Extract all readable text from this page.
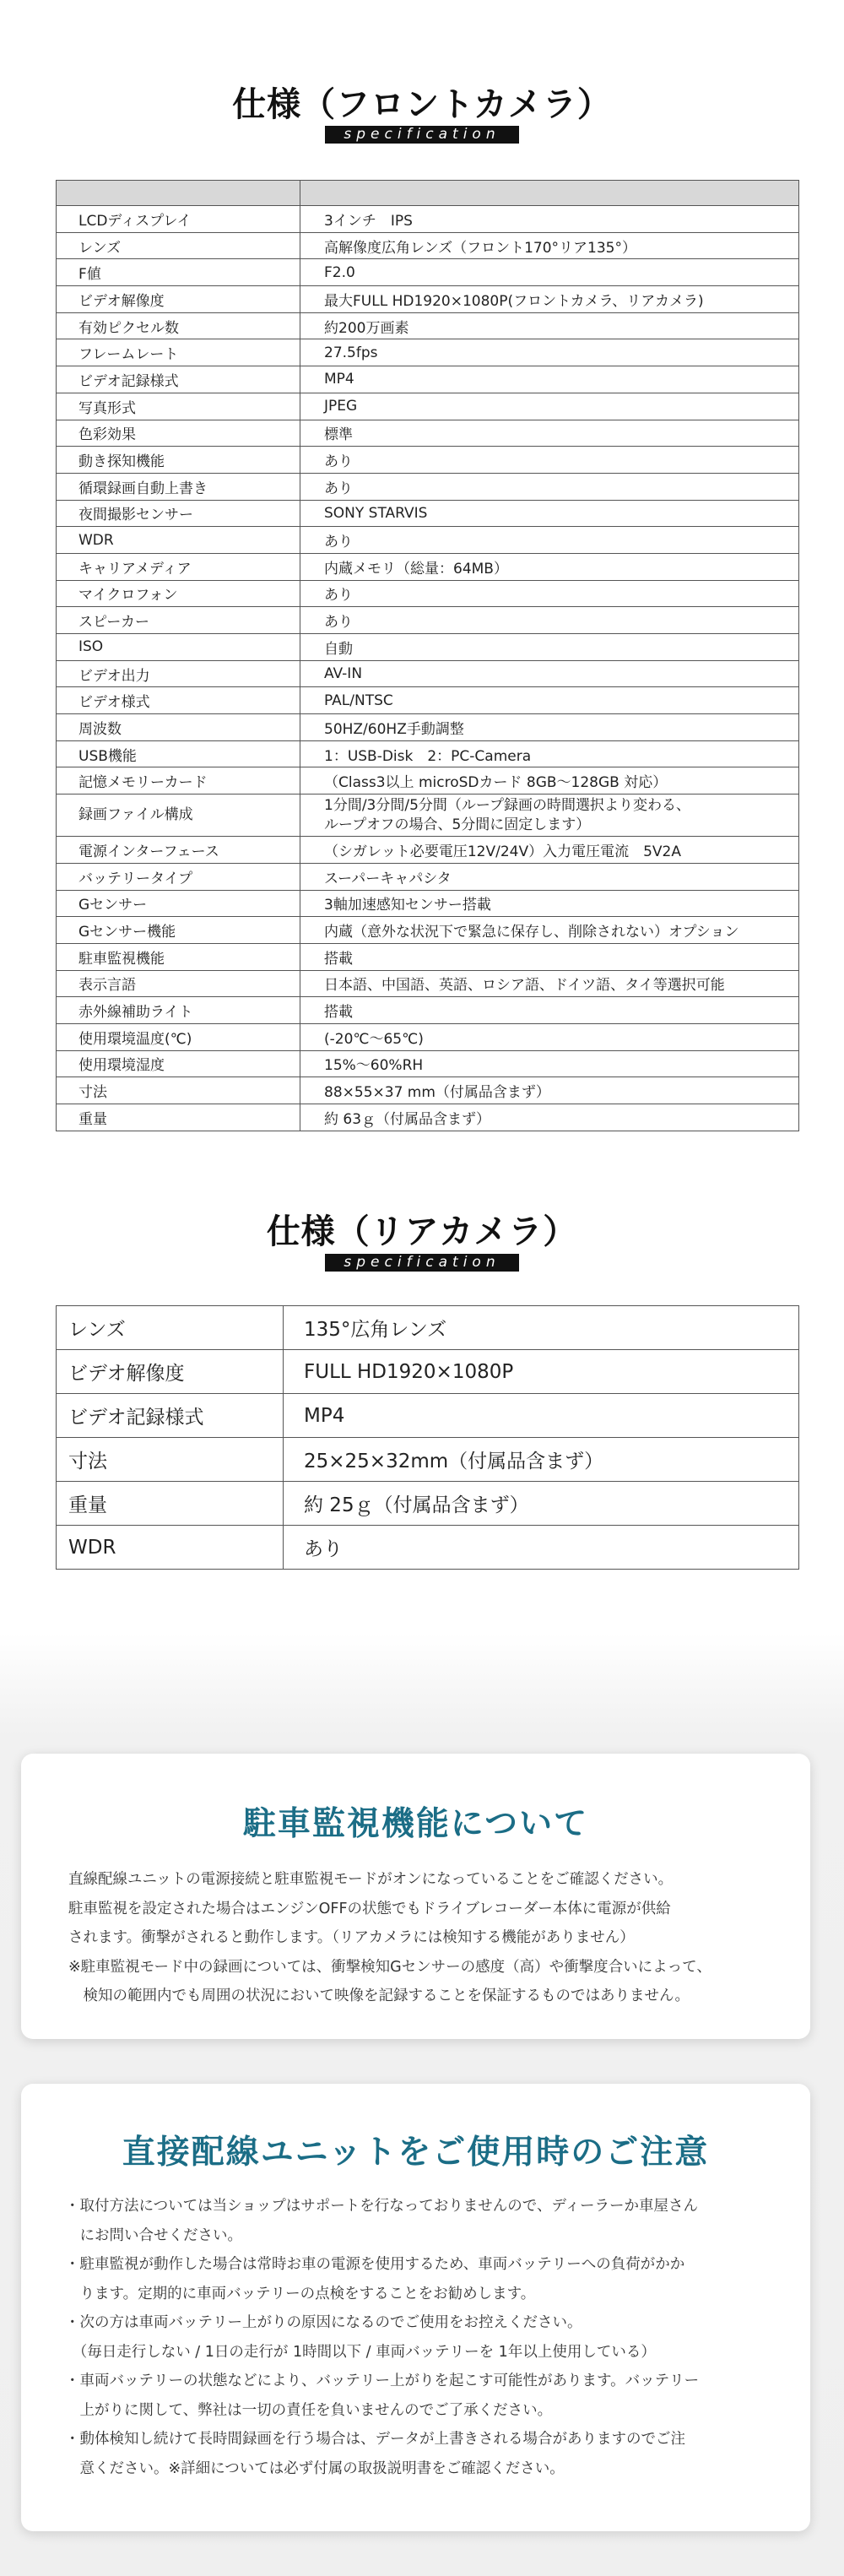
仕様（フロントカメラ）
specification

LCDディスプレイ	3インチ　IPS
レンズ	高解像度広角レンズ（フロント170°リア135°）
F値	F2.0
ビデオ解像度	最大FULL HD1920×1080P(フロントカメラ、リアカメラ)
有効ピクセル数	約200万画素
フレームレート	27.5fps
ビデオ記録様式	MP4
写真形式	JPEG
色彩効果	標準
動き探知機能	あり
循環録画自動上書き	あり
夜間撮影センサー	SONY STARVIS
WDR	あり
キャリアメディア	内蔵メモリ（総量：64MB）
マイクロフォン	あり
スピーカー	あり
ISO	自動
ビデオ出力	AV-IN
ビデオ様式	PAL/NTSC
周波数	50HZ/60HZ手動調整
USB機能	1：USB-Disk　2：PC-Camera
記憶メモリーカード	（Class3以上 microSDカード 8GB～128GB 対応）
録画ファイル構成	1分間/3分間/5分間（ループ録画の時間選択より変わる、
ループオフの場合、5分間に固定します）

電源インターフェース	（シガレット必要電圧12V/24V）入力電圧電流　5V2A
バッテリータイプ	スーパーキャパシタ
Gセンサー	3軸加速感知センサー搭載
Gセンサー機能	内蔵（意外な状況下で緊急に保存し、削除されない）オプション
駐車監視機能	搭載
表示言語	日本語、中国語、英語、ロシア語、ドイツ語、タイ等選択可能
赤外線補助ライト	搭載
使用環境温度(℃)	(-20℃～65℃)
使用環境湿度	15%～60%RH
寸法	88×55×37 mm（付属品含まず）
重量	約 63ｇ（付属品含まず）
仕様（リアカメラ）
specification
レンズ	135°広角レンズ
ビデオ解像度	FULL HD1920×1080P
ビデオ記録様式	MP4
寸法	25×25×32mm（付属品含まず）
重量	約 25ｇ（付属品含まず）
WDR	あり
駐車監視機能について
直線配線ユニットの電源接続と駐車監視モードがオンになっていることをご確認ください。
駐車監視を設定された場合はエンジンOFFの状態でもドライブレコーダー本体に電源が供給
されます。衝撃がされると動作します。（リアカメラには検知する機能がありません）
※駐車監視モード中の録画については、衝撃検知Gセンサーの感度（高）や衝撃度合いによって、
　検知の範囲内でも周囲の状況において映像を記録することを保証するものではありません。
直接配線ユニットをご使用時のご注意
・取付方法については当ショップはサポートを行なっておりませんので、ディーラーか車屋さん
　にお問い合せください。
・駐車監視が動作した場合は常時お車の電源を使用するため、車両バッテリーへの負荷がかか
　ります。定期的に車両バッテリーの点検をすることをお勧めします。
・次の方は車両バッテリー上がりの原因になるのでご使用をお控えください。
　（毎日走行しない / 1日の走行が 1時間以下 / 車両バッテリーを 1年以上使用している）
・車両バッテリーの状態などにより、バッテリー上がりを起こす可能性があります。バッテリー
　上がりに関して、弊社は一切の責任を負いませんのでご了承ください。
・動体検知し続けて長時間録画を行う場合は、データが上書きされる場合がありますのでご注
　意ください。※詳細については必ず付属の取扱説明書をご確認ください。
